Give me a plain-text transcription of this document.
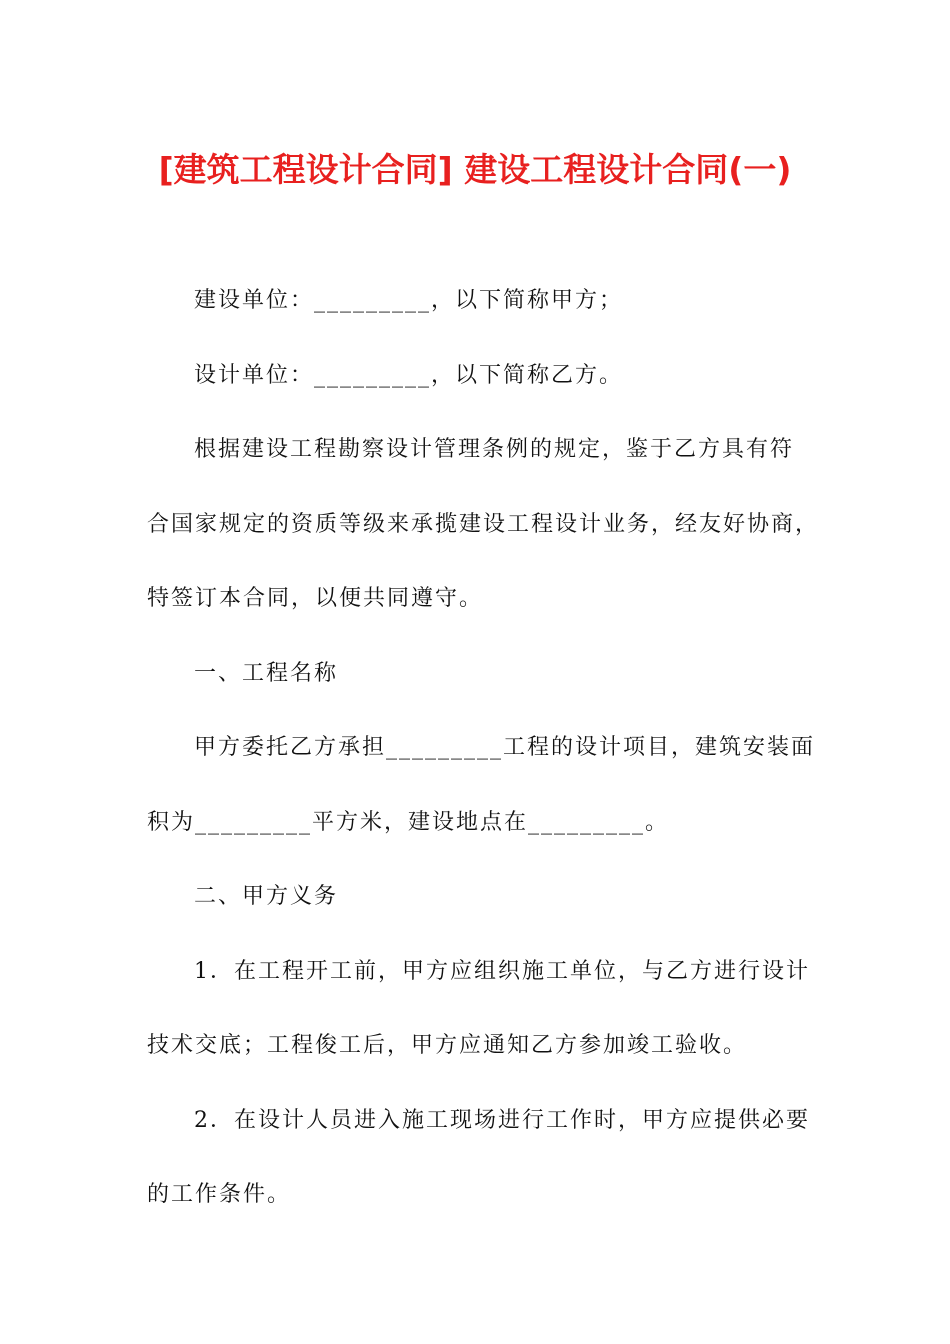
[建筑工程设计合同] 建设工程设计合同(一)
建设单位：_________，以下简称甲方；
设计单位：_________，以下简称乙方。
根据建设工程勘察设计管理条例的规定，鉴于乙方具有符
合国家规定的资质等级来承揽建设工程设计业务，经友好协商，
特签订本合同，以便共同遵守。
一、工程名称
甲方委托乙方承担_________工程的设计项目，建筑安装面
积为_________平方米，建设地点在_________。
二、甲方义务
1．在工程开工前，甲方应组织施工单位，与乙方进行设计
技术交底；工程俊工后，甲方应通知乙方参加竣工验收。
2．在设计人员进入施工现场进行工作时，甲方应提供必要
的工作条件。
